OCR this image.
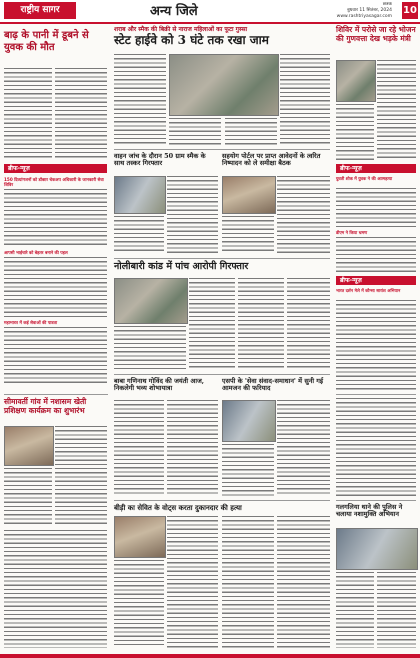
राष्ट्रीय सागर	अन्य जिले	छत्रक
बुधवार 11 सितंबर, 2024
www.rashtriyasagar.com
10
बाढ़ के पानी में डूबने से युवक की मौत
ब्रीफ-न्यूज़
150 दिव्यांगजनों को डॉक्टर चेकअप अधिकारी के जानकारी सेवा शिविर
आपसी भाईचारे को बेहतर बनाने की पहल
महाभारत में कई सेवाओं की पात्रता
सीमावर्ती गांव में नशासम खेती प्रशिक्षण कार्यक्रम का शुभारंभ
शराब और स्मैक की बिक्री से नाराज महिलाओं का फूटा गुस्सा
स्टेट हाईवे को 3 घंटे तक रखा जाम
वाहन जांच के दौरान 50 ग्राम स्मैक के साथ तस्कर गिरफ्तार
सहयोग पोर्टल पर प्राप्त आवेदनों के त्वरित निष्पादन को ले समीक्षा बैठक
नोलीबारी कांड में पांच आरोपी गिरफ्तार
बाबा गणिनाथ गोविंद की जयंती आज, निकलेगी भव्य शोभायात्रा
एसपी के 'सेवा संवाद-समाधान' में सुनी गई आमजन की फरियाद
बीड़ी का सेवित के वोट्स करता दुकानदार की हत्या
शिविर में परोसे जा रहे भोजन की गुणवत्ता देख भड़के मंत्री
ब्रीफ-न्यूज़
युवती शोक में युवक ने की आत्महत्या
डीएम ने किया भ्रमण
ब्रीफ-न्यूज़
भारत दर्शन मेले में कौन्सा सारांश अभियान
गलगलिया थाने की पुलिस ने चलाया नशामुक्ति अभियान
